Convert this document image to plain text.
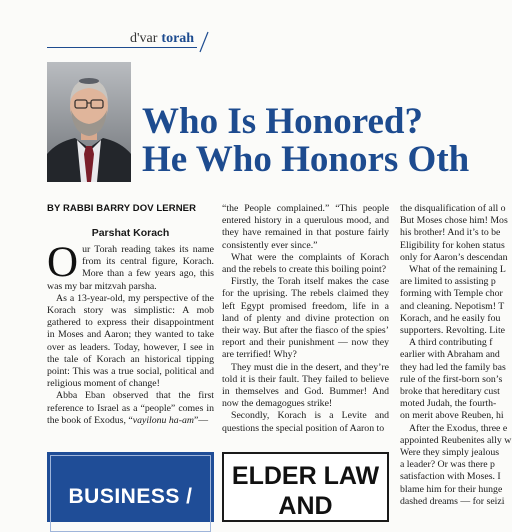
d'var torah
Who Is Honored?
He Who Honors Oth
BY RABBI BARRY DOV LERNER
Parshat Korach

Our Torah reading takes its name from its central figure, Korach. More than a few years ago, this was my bar mitzvah parsha.

As a 13-year-old, my perspective of the Korach story was simplistic: A mob gathered to express their disappointment in Moses and Aaron; they wanted to take over as leaders. Today, however, I see in the tale of Korach an historical tipping point: This was a true social, political and religious moment of change!

Abba Eban observed that the first reference to Israel as a “people” comes in the book of Exodus, “vayilonu ha-am”—

“the People complained.” “This people entered history in a querulous mood, and they have remained in that posture fairly consistently ever since.”

What were the complaints of Korach and the rebels to create this boiling point?

Firstly, the Torah itself makes the case for the uprising. The rebels claimed they left Egypt promised freedom, life in a land of plenty and divine protection on their way. But after the fiasco of the spies’ report and their punishment — now they are terrified! Why?

They must die in the desert, and they’re told it is their fault. They failed to believe in themselves and God. Bummer! And now the demagogues strike!

Secondly, Korach is a Levite and questions the special position of Aaron to

the disqualification of all o

But Moses chose him! Mos

his brother! And it’s to be

Eligibility for kohen status

only for Aaron’s descendan

What of the remaining L

are limited to assisting p

forming with Temple chor

and cleaning. Nepotism! T

Korach, and he easily fou

supporters. Revolting. Lite

A third contributing f

earlier with Abraham and

they had led the family bas

rule of the first-born son’s

broke that hereditary cust

moted Judah, the fourth-

on merit above Reuben, hi

After the Exodus, three e

appointed Reubenites ally w

Were they simply jealous

a leader? Or was there p

satisfaction with Moses. I

blame him for their hunge

dashed dreams — for seizi

BUSINESS /
ELDER LAW
AND
